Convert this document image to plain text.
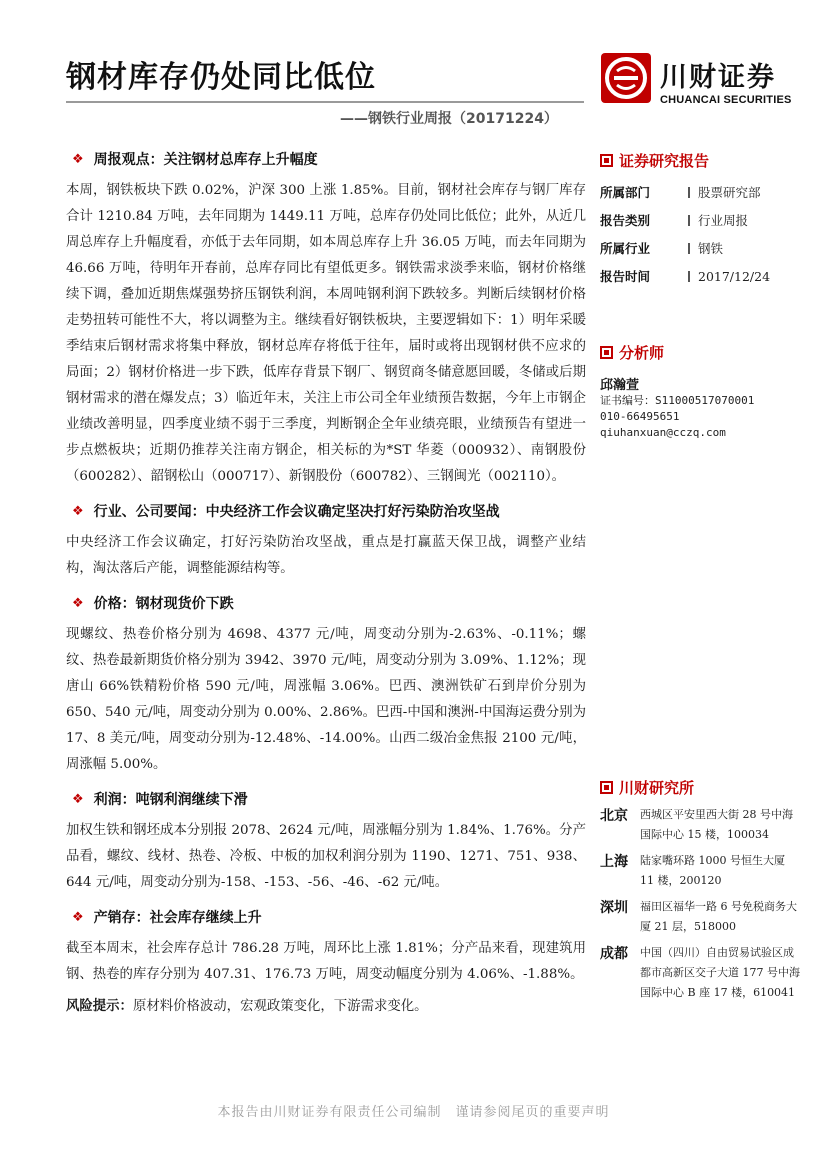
钢材库存仍处同比低位
——钢铁行业周报（20171224）
川财证券
CHUANCAI SECURITIES
❖ 周报观点：关注钢材总库存上升幅度

本周，钢铁板块下跌 0.02%，沪深 300 上涨 1.85%。目前，钢材社会库存与钢厂库存合计 1210.84 万吨，去年同期为 1449.11 万吨，总库存仍处同比低位；此外，从近几周总库存上升幅度看，亦低于去年同期，如本周总库存上升 36.05 万吨，而去年同期为 46.66 万吨，待明年开春前，总库存同比有望低更多。钢铁需求淡季来临，钢材价格继续下调，叠加近期焦煤强势挤压钢铁利润，本周吨钢利润下跌较多。判断后续钢材价格走势扭转可能性不大，将以调整为主。继续看好钢铁板块，主要逻辑如下：1）明年采暖季结束后钢材需求将集中释放，钢材总库存将低于往年，届时或将出现钢材供不应求的局面；2）钢材价格进一步下跌，低库存背景下钢厂、钢贸商冬储意愿回暖，冬储或后期钢材需求的潜在爆发点；3）临近年末，关注上市公司全年业绩预告数据，今年上市钢企业绩改善明显，四季度业绩不弱于三季度，判断钢企全年业绩亮眼，业绩预告有望进一步点燃板块；近期仍推荐关注南方钢企，相关标的为*ST 华菱（000932）、南钢股份（600282）、韶钢松山（000717）、新钢股份（600782）、三钢闽光（002110）。

❖ 行业、公司要闻：中央经济工作会议确定坚决打好污染防治攻坚战

中央经济工作会议确定，打好污染防治攻坚战，重点是打赢蓝天保卫战，调整产业结构，淘汰落后产能，调整能源结构等。

❖ 价格：钢材现货价下跌

现螺纹、热卷价格分别为 4698、4377 元/吨，周变动分别为-2.63%、-0.11%；螺纹、热卷最新期货价格分别为 3942、3970 元/吨，周变动分别为 3.09%、1.12%；现唐山 66%铁精粉价格 590 元/吨，周涨幅 3.06%。巴西、澳洲铁矿石到岸价分别为 650、540 元/吨，周变动分别为 0.00%、2.86%。巴西-中国和澳洲-中国海运费分别为 17、8 美元/吨，周变动分别为-12.48%、-14.00%。山西二级冶金焦报 2100 元/吨，周涨幅 5.00%。

❖ 利润：吨钢利润继续下滑

加权生铁和钢坯成本分别报 2078、2624 元/吨，周涨幅分别为 1.84%、1.76%。分产品看，螺纹、线材、热卷、冷板、中板的加权利润分别为 1190、1271、751、938、644 元/吨，周变动分别为-158、-153、-56、-46、-62 元/吨。

❖ 产销存：社会库存继续上升

截至本周末，社会库存总计 786.28 万吨，周环比上涨 1.81%；分产品来看，现建筑用钢、热卷的库存分别为 407.31、176.73 万吨，周变动幅度分别为 4.06%、-1.88%。

风险提示：原材料价格波动，宏观政策变化，下游需求变化。

证券研究报告
所属部门	股票研究部
报告类别	行业周报
所属行业	钢铁
报告时间	2017/12/24
分析师
邱瀚萱
证书编号：S1100051707000​1
010-66495651
qiuhanxuan@cczq.com
川财研究所
北京	西城区平安里西大街 28 号中海国际中心 15 楼，100034
上海	陆家嘴环路 1000 号恒生大厦 11 楼，200120
深圳	福田区福华一路 6 号免税商务大厦 21 层，518000
成都	中国（四川）自由贸易试验区成都市高新区交子大道 177 号中海国际中心 B 座 17 楼，610041
本报告由川财证券有限责任公司编制　谨请参阅尾页的重要声明
